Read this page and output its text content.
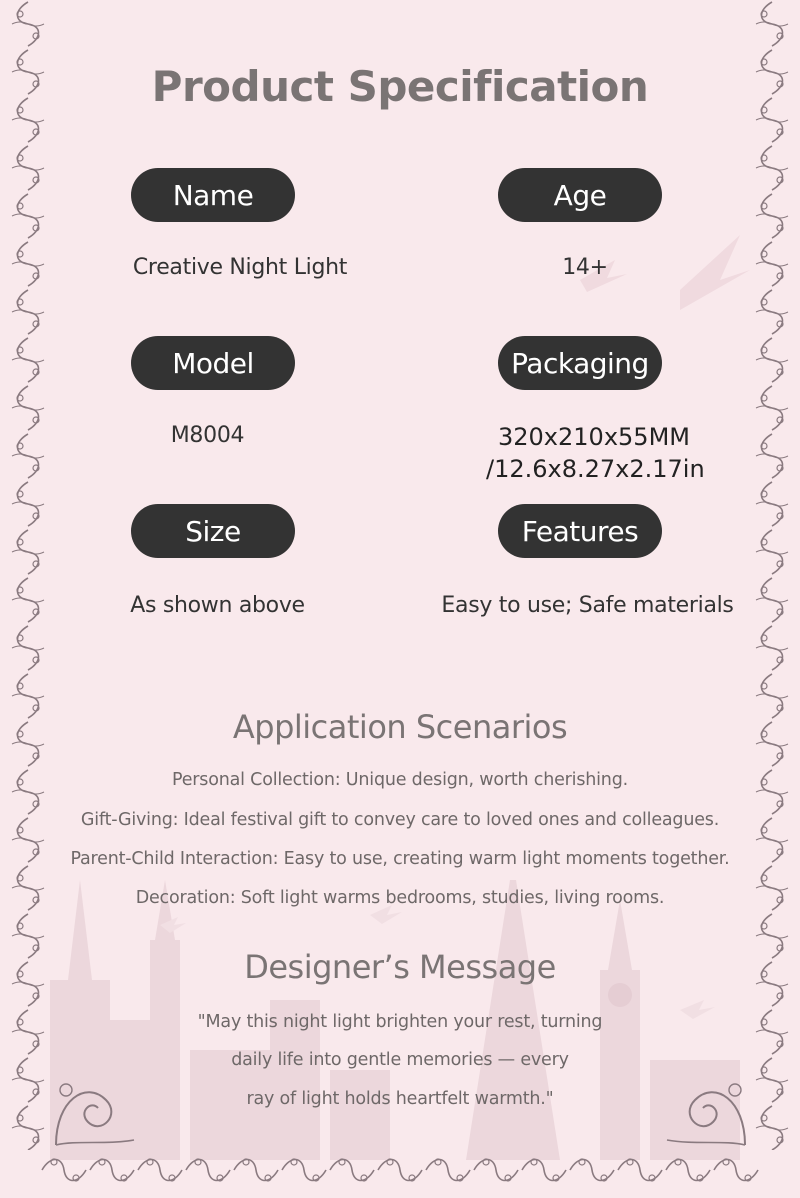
Product Specification
Name	Age
Creative Night Light	14+
Model	Packaging
M8004	320x210x55MM
/12.6x8.27x2.17in
Size	Features
As shown above	Easy to use; Safe materials
Application Scenarios
Personal Collection: Unique design, worth cherishing.
Gift-Giving: Ideal festival gift to convey care to loved ones and colleagues.
Parent-Child Interaction: Easy to use, creating warm light moments together.
Decoration: Soft light warms bedrooms, studies, living rooms.
Designer’s Message
"May this night light brighten your rest, turning
daily life into gentle memories — every
ray of light holds heartfelt warmth."
